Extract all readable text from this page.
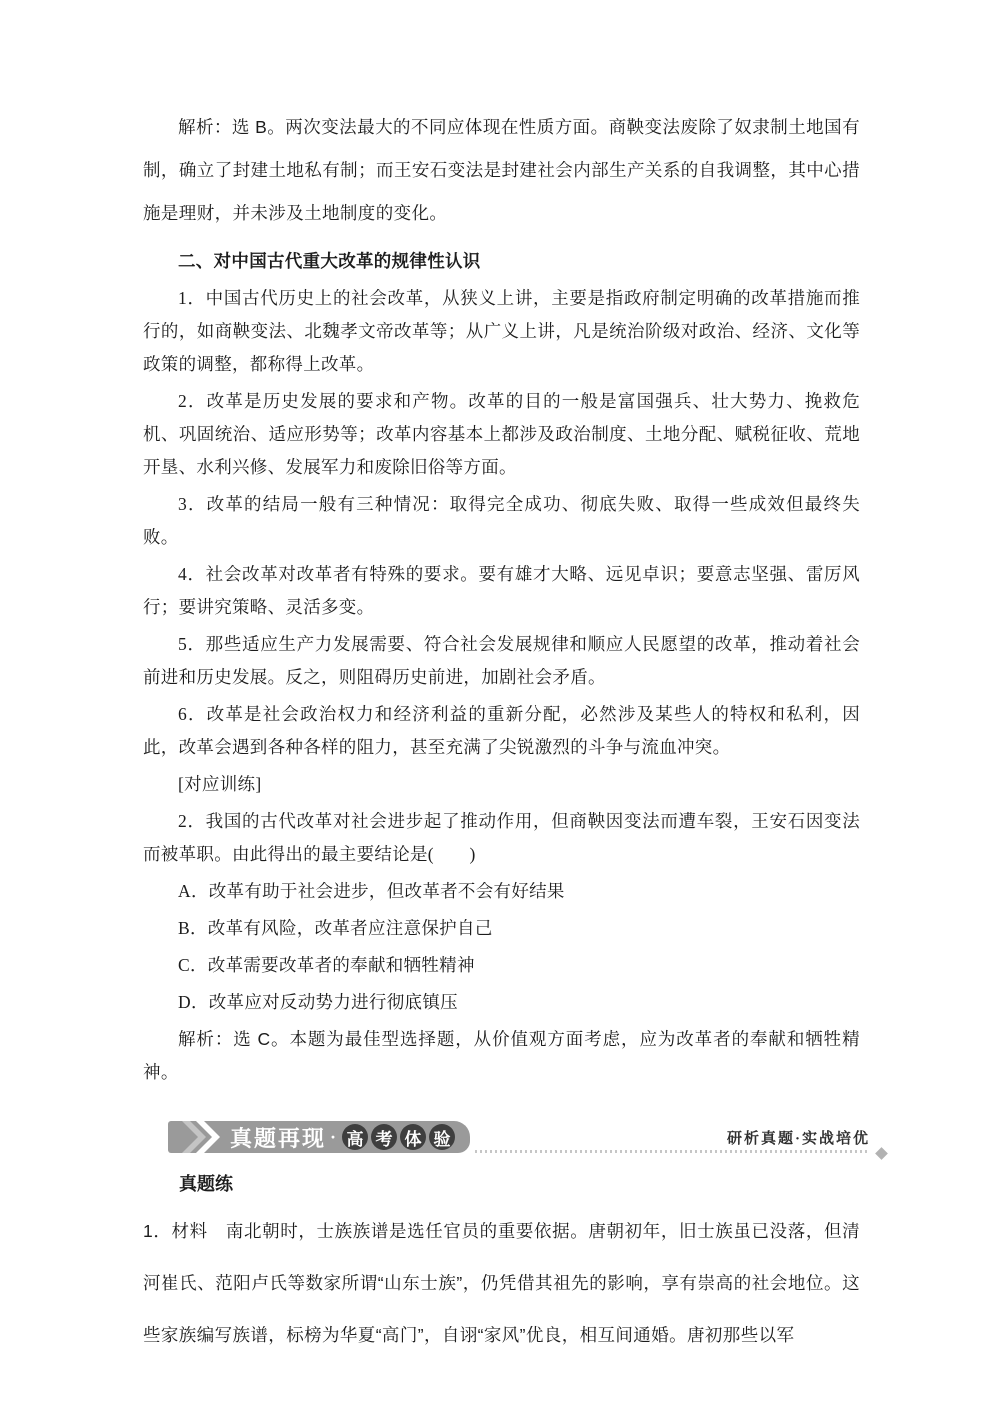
解析：选 B。两次变法最大的不同应体现在性质方面。商鞅变法废除了奴隶制土地国有制，确立了封建土地私有制；而王安石变法是封建社会内部生产关系的自我调整，其中心措施是理财，并未涉及土地制度的变化。

二、对中国古代重大改革的规律性认识

1．中国古代历史上的社会改革，从狭义上讲，主要是指政府制定明确的改革措施而推行的，如商鞅变法、北魏孝文帝改革等；从广义上讲，凡是统治阶级对政治、经济、文化等政策的调整，都称得上改革。

2．改革是历史发展的要求和产物。改革的目的一般是富国强兵、壮大势力、挽救危机、巩固统治、适应形势等；改革内容基本上都涉及政治制度、土地分配、赋税征收、荒地开垦、水利兴修、发展军力和废除旧俗等方面。

3．改革的结局一般有三种情况：取得完全成功、彻底失败、取得一些成效但最终失败。

4．社会改革对改革者有特殊的要求。要有雄才大略、远见卓识；要意志坚强、雷厉风行；要讲究策略、灵活多变。

5．那些适应生产力发展需要、符合社会发展规律和顺应人民愿望的改革，推动着社会前进和历史发展。反之，则阻碍历史前进，加剧社会矛盾。

6．改革是社会政治权力和经济利益的重新分配，必然涉及某些人的特权和私利，因此，改革会遇到各种各样的阻力，甚至充满了尖锐激烈的斗争与流血冲突。

[对应训练]

2．我国的古代改革对社会进步起了推动作用，但商鞅因变法而遭车裂，王安石因变法而被革职。由此得出的最主要结论是(　　)

A．改革有助于社会进步，但改革者不会有好结果

B．改革有风险，改革者应注意保护自己

C．改革需要改革者的奉献和牺牲精神

D．改革应对反动势力进行彻底镇压

解析：选 C。本题为最佳型选择题，从价值观方面考虑，应为改革者的奉献和牺牲精神。

真题再现 · 高 考 体 验	研析真题·实战培优

真题练

1．材料　南北朝时，士族族谱是选任官员的重要依据。唐朝初年，旧士族虽已没落，但清河崔氏、范阳卢氏等数家所谓“山东士族”，仍凭借其祖先的影响，享有崇高的社会地位。这些家族编写族谱，标榜为华夏“高门”，自诩“家风”优良，相互间通婚。唐初那些以军
